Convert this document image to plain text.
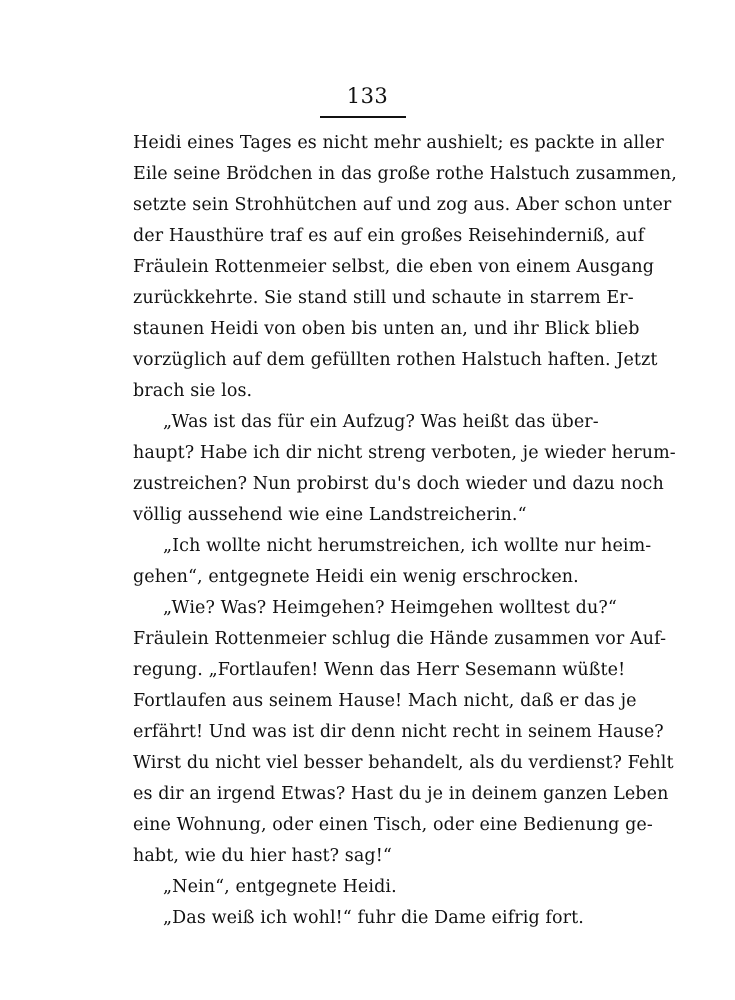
133
Heidi eines Tages es nicht mehr aushielt; es packte in aller
Eile seine Brödchen in das große rothe Halstuch zusammen,
setzte sein Strohhütchen auf und zog aus. Aber schon unter
der Hausthüre traf es auf ein großes Reisehinderniß, auf
Fräulein Rottenmeier selbst, die eben von einem Ausgang
zurückkehrte. Sie stand still und schaute in starrem Er-
staunen Heidi von oben bis unten an, und ihr Blick blieb
vorzüglich auf dem gefüllten rothen Halstuch haften. Jetzt
brach sie los.
„Was ist das für ein Aufzug? Was heißt das über-
haupt? Habe ich dir nicht streng verboten, je wieder herum-
zustreichen? Nun probirst du's doch wieder und dazu noch
völlig aussehend wie eine Landstreicherin.“
„Ich wollte nicht herumstreichen, ich wollte nur heim-
gehen“, entgegnete Heidi ein wenig erschrocken.
„Wie? Was? Heimgehen? Heimgehen wolltest du?“
Fräulein Rottenmeier schlug die Hände zusammen vor Auf-
regung. „Fortlaufen! Wenn das Herr Sesemann wüßte!
Fortlaufen aus seinem Hause! Mach nicht, daß er das je
erfährt! Und was ist dir denn nicht recht in seinem Hause?
Wirst du nicht viel besser behandelt, als du verdienst? Fehlt
es dir an irgend Etwas? Hast du je in deinem ganzen Leben
eine Wohnung, oder einen Tisch, oder eine Bedienung ge-
habt, wie du hier hast? sag!“
„Nein“, entgegnete Heidi.
„Das weiß ich wohl!“ fuhr die Dame eifrig fort.
